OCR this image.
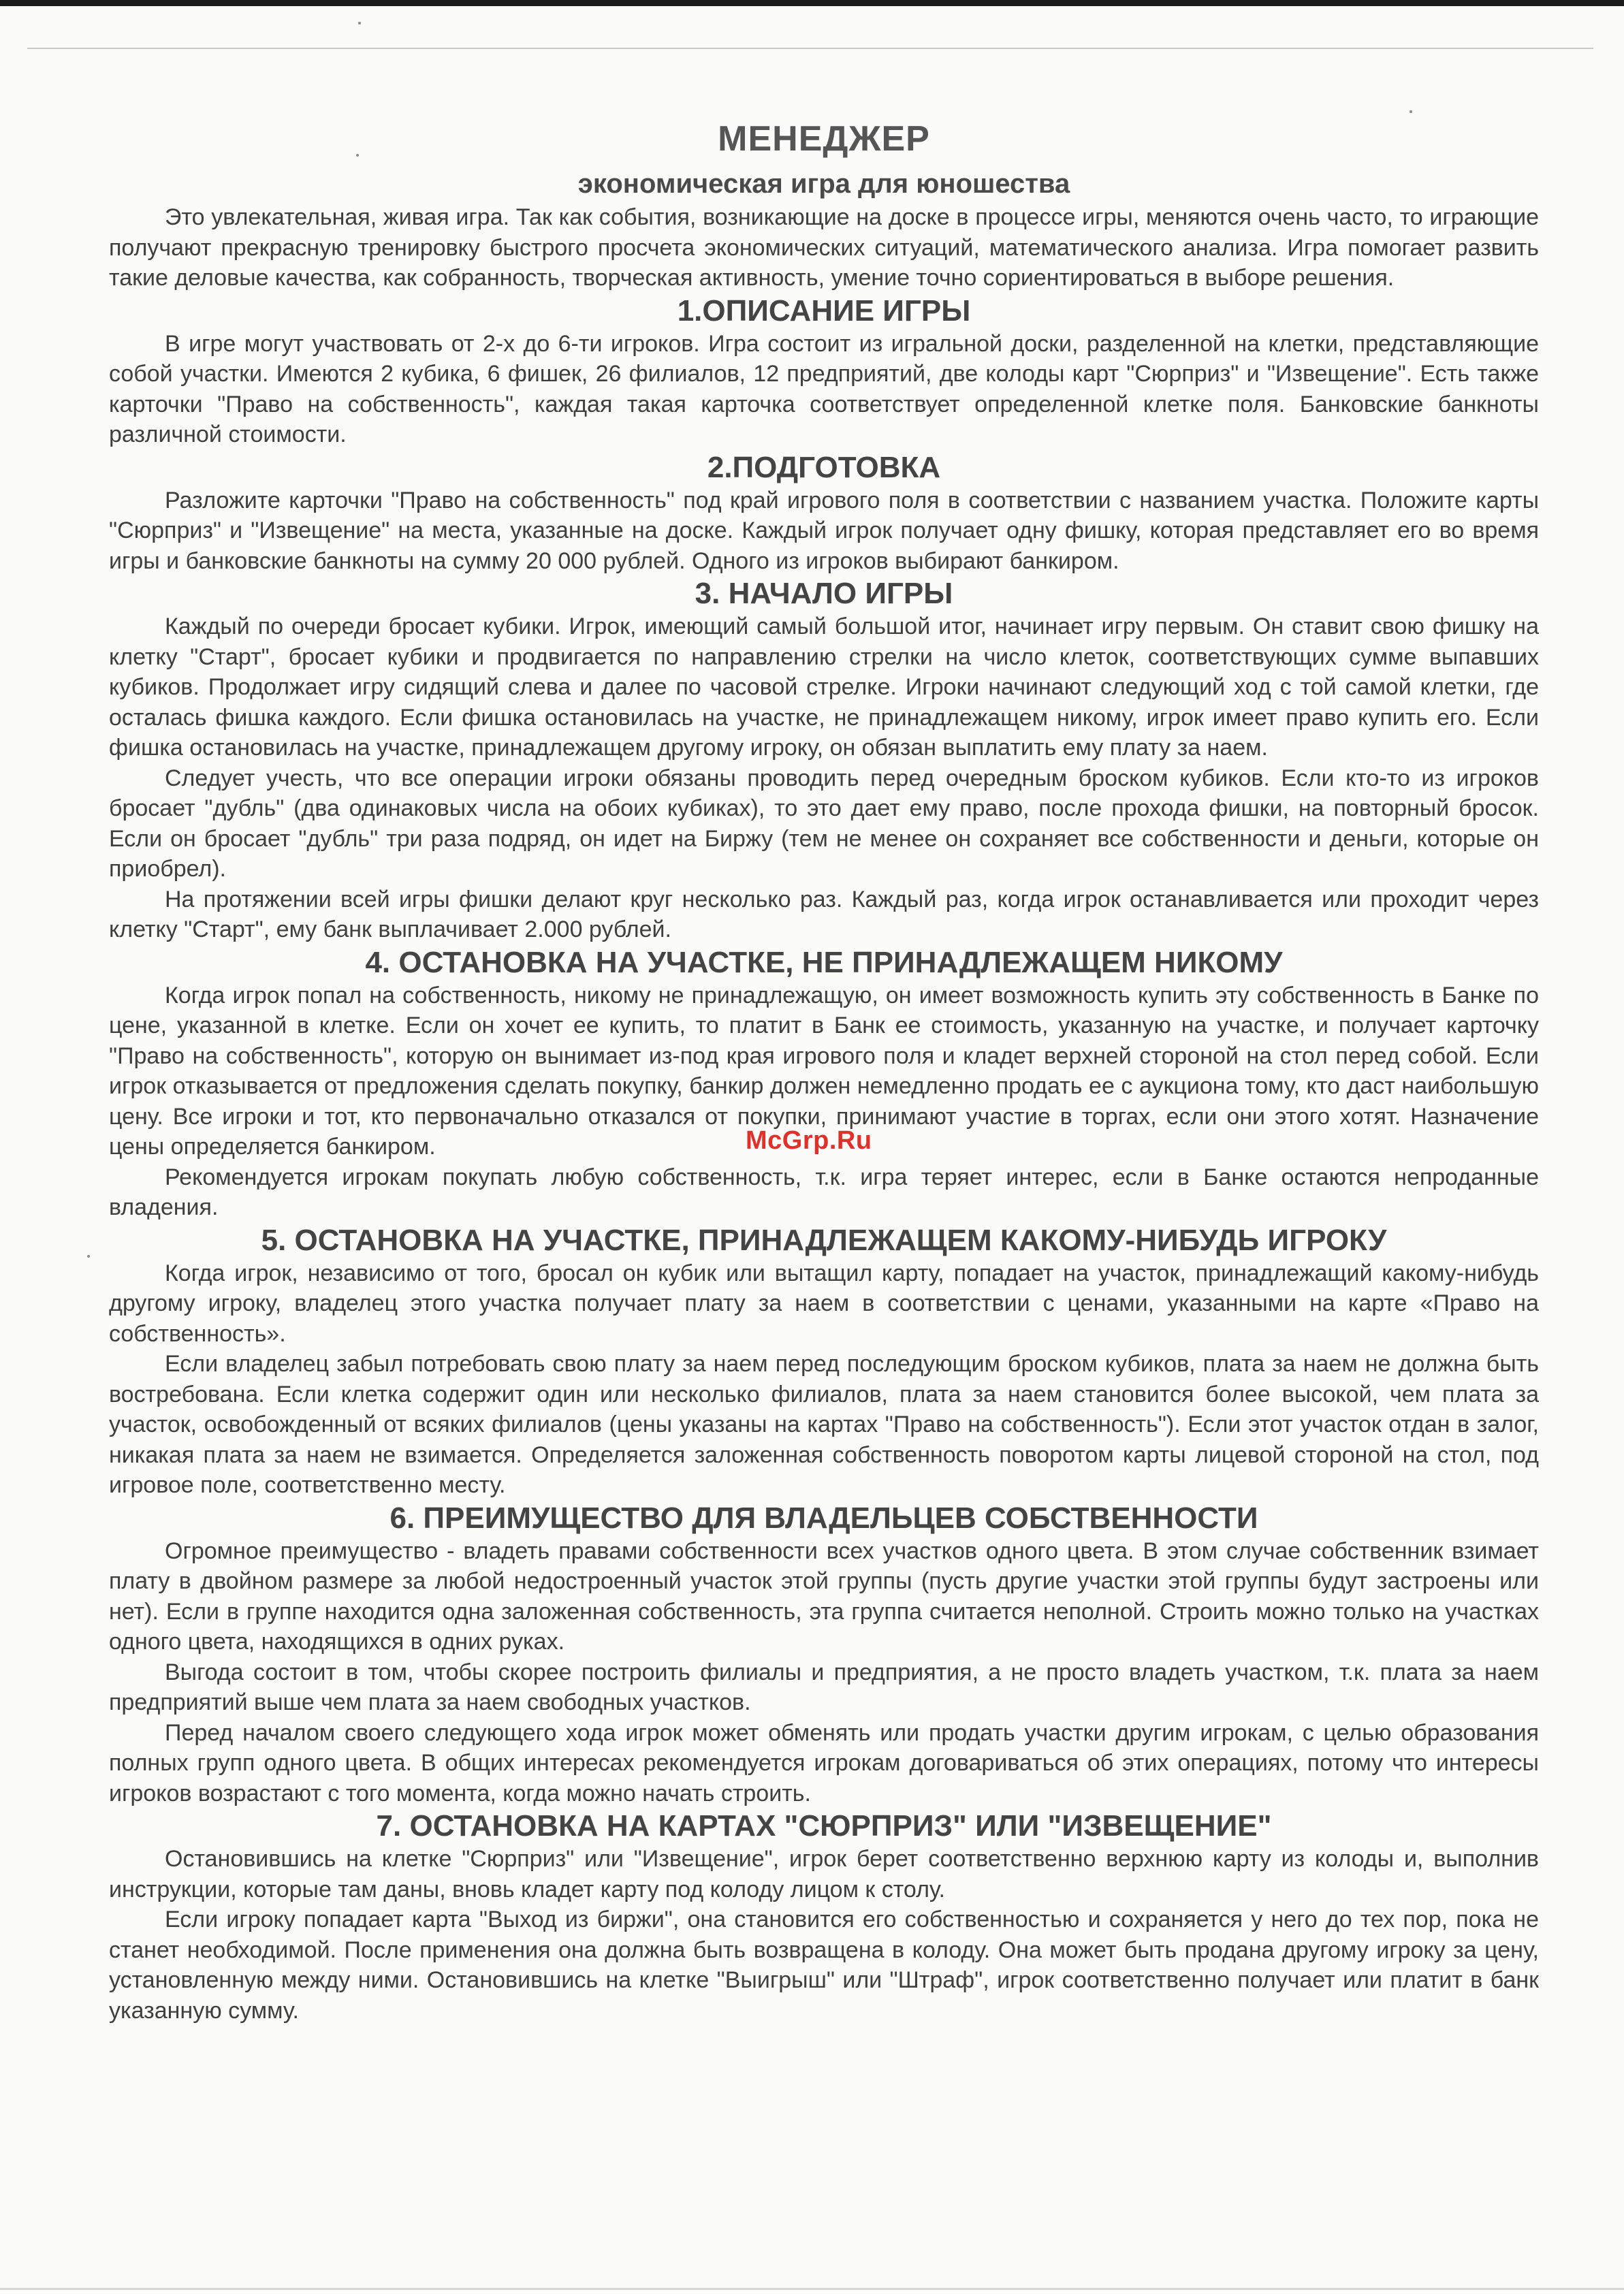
МЕНЕДЖЕР
экономическая игра для юношества

Это увлекательная, живая игра. Так как события, возникающие на доске в процессе игры, меняются очень часто, то играющие получают прекрасную тренировку быстрого просчета экономических ситуаций, математического анализа. Игра помогает развить такие деловые качества, как собранность, творческая активность, умение точно сориентироваться в выборе решения.

1.ОПИСАНИЕ ИГРЫ

В игре могут участвовать от 2-х до 6-ти игроков. Игра состоит из игральной доски, разделенной на клетки, представляющие собой участки. Имеются 2 кубика, 6 фишек, 26 филиалов, 12 предприятий, две колоды карт "Сюрприз" и "Извещение". Есть также карточки "Право на собственность", каждая такая карточка соответствует определенной клетке поля. Банковские банкноты различной стоимости.

2.ПОДГОТОВКА

Разложите карточки "Право на собственность" под край игрового поля в соответствии с названием участка. Положите карты "Сюрприз" и "Извещение" на места, указанные на доске. Каждый игрок получает одну фишку, которая представляет его во время игры и банковские банкноты на сумму 20 000 рублей. Одного из игроков выбирают банкиром.

3. НАЧАЛО ИГРЫ

Каждый по очереди бросает кубики. Игрок, имеющий самый большой итог, начинает игру первым. Он ставит свою фишку на клетку "Старт", бросает кубики и продвигается по направлению стрелки на число клеток, соответствующих сумме выпавших кубиков. Продолжает игру сидящий слева и далее по часовой стрелке. Игроки начинают следующий ход с той самой клетки, где осталась фишка каждого. Если фишка остановилась на участке, не принадлежащем никому, игрок имеет право купить его. Если фишка остановилась на участке, принадлежащем другому игроку, он обязан выплатить ему плату за наем.

Следует учесть, что все операции игроки обязаны проводить перед очередным броском кубиков. Если кто-то из игроков бросает "дубль" (два одинаковых числа на обоих кубиках), то это дает ему право, после прохода фишки, на повторный бросок. Если он бросает "дубль" три раза подряд, он идет на Биржу (тем не менее он сохраняет все собственности и деньги, которые он приобрел).

На протяжении всей игры фишки делают круг несколько раз. Каждый раз, когда игрок останавливается или проходит через клетку "Старт", ему банк выплачивает 2.000 рублей.

4. ОСТАНОВКА НА УЧАСТКЕ, НЕ ПРИНАДЛЕЖАЩЕМ НИКОМУ

Когда игрок попал на собственность, никому не принадлежащую, он имеет возможность купить эту собственность в Банке по цене, указанной в клетке. Если он хочет ее купить, то платит в Банк ее стоимость, указанную на участке, и получает карточку "Право на собственность", которую он вынимает из-под края игрового поля и кладет верхней стороной на стол перед собой. Если игрок отказывается от предложения сделать покупку, банкир должен немедленно продать ее с аукциона тому, кто даст наибольшую цену. Все игроки и тот, кто первоначально отказался от покупки, принимают участие в торгах, если они этого хотят. Назначение цены определяется банкиром.

Рекомендуется игрокам покупать любую собственность, т.к. игра теряет интерес, если в Банке остаются непроданные владения.

5. ОСТАНОВКА НА УЧАСТКЕ, ПРИНАДЛЕЖАЩЕМ КАКОМУ-НИБУДЬ ИГРОКУ

Когда игрок, независимо от того, бросал он кубик или вытащил карту, попадает на участок, принадлежащий какому-нибудь другому игроку, владелец этого участка получает плату за наем в соответствии с ценами, указанными на карте «Право на собственность».

Если владелец забыл потребовать свою плату за наем перед последующим броском кубиков, плата за наем не должна быть востребована. Если клетка содержит один или несколько филиалов, плата за наем становится более высокой, чем плата за участок, освобожденный от всяких филиалов (цены указаны на картах "Право на собственность"). Если этот участок отдан в залог, никакая плата за наем не взимается. Определяется заложенная собственность поворотом карты лицевой стороной на стол, под игровое поле, соответственно месту.

6. ПРЕИМУЩЕСТВО ДЛЯ ВЛАДЕЛЬЦЕВ СОБСТВЕННОСТИ

Огромное преимущество - владеть правами собственности всех участков одного цвета. В этом случае собственник взимает плату в двойном размере за любой недостроенный участок этой группы (пусть другие участки этой группы будут застроены или нет). Если в группе находится одна заложенная собственность, эта группа считается неполной. Строить можно только на участках одного цвета, находящихся в одних руках.

Выгода состоит в том, чтобы скорее построить филиалы и предприятия, а не просто владеть участком, т.к. плата за наем предприятий выше чем плата за наем свободных участков.

Перед началом своего следующего хода игрок может обменять или продать участки другим игрокам, с целью образования полных групп одного цвета. В общих интересах рекомендуется игрокам договариваться об этих операциях, потому что интересы игроков возрастают с того момента, когда можно начать строить.

7. ОСТАНОВКА НА КАРТАХ "СЮРПРИЗ" ИЛИ "ИЗВЕЩЕНИЕ"

Остановившись на клетке "Сюрприз" или "Извещение", игрок берет соответственно верхнюю карту из колоды и, выполнив инструкции, которые там даны, вновь кладет карту под колоду лицом к столу.

Если игроку попадает карта "Выход из биржи", она становится его собственностью и сохраняется у него до тех пор, пока не станет необходимой. После применения она должна быть возвращена в колоду. Она может быть продана другому игроку за цену, установленную между ними. Остановившись на клетке "Выигрыш" или "Штраф", игрок соответственно получает или платит в банк указанную сумму.

McGrp.Ru
